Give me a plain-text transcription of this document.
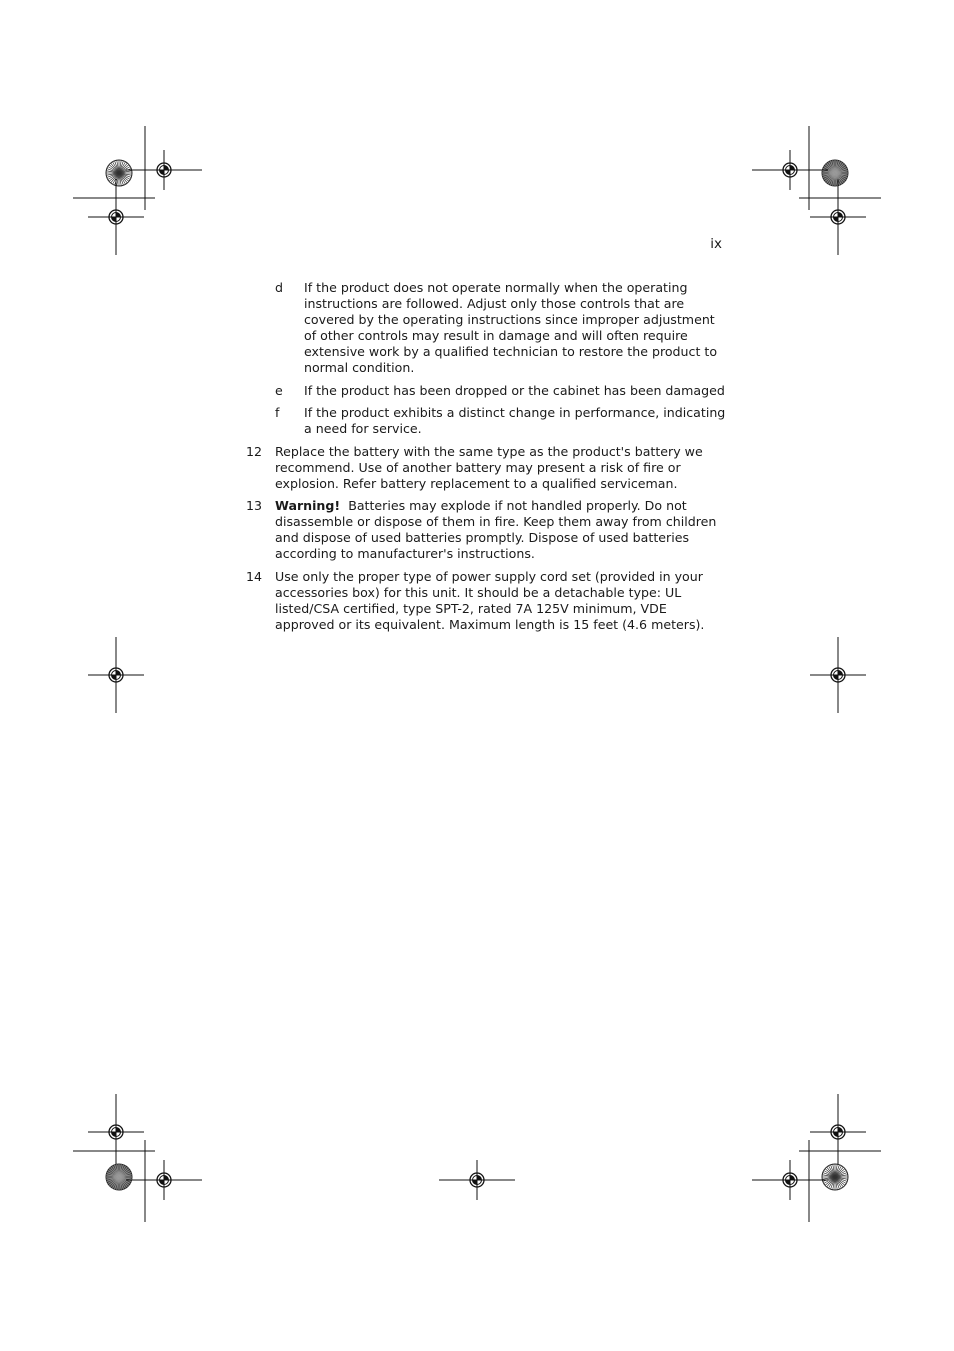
ix
d	If the product does not operate normally when the operating instructions are followed. Adjust only those controls that are covered by the operating instructions since improper adjustment of other controls may result in damage and will often require extensive work by a qualified technician to restore the product to normal condition.
e	If the product has been dropped or the cabinet has been damaged
f	If the product exhibits a distinct change in performance, indicating a need for service.
12	Replace the battery with the same type as the product's battery we recommend. Use of another battery may present a risk of fire or explosion. Refer battery replacement to a qualified serviceman.
13	Warning! Batteries may explode if not handled properly. Do not disassemble or dispose of them in fire. Keep them away from children and dispose of used batteries promptly. Dispose of used batteries according to manufacturer's instructions.
14	Use only the proper type of power supply cord set (provided in your accessories box) for this unit. It should be a detachable type: UL listed/CSA certified, type SPT-2, rated 7A 125V minimum, VDE approved or its equivalent. Maximum length is 15 feet (4.6 meters).
